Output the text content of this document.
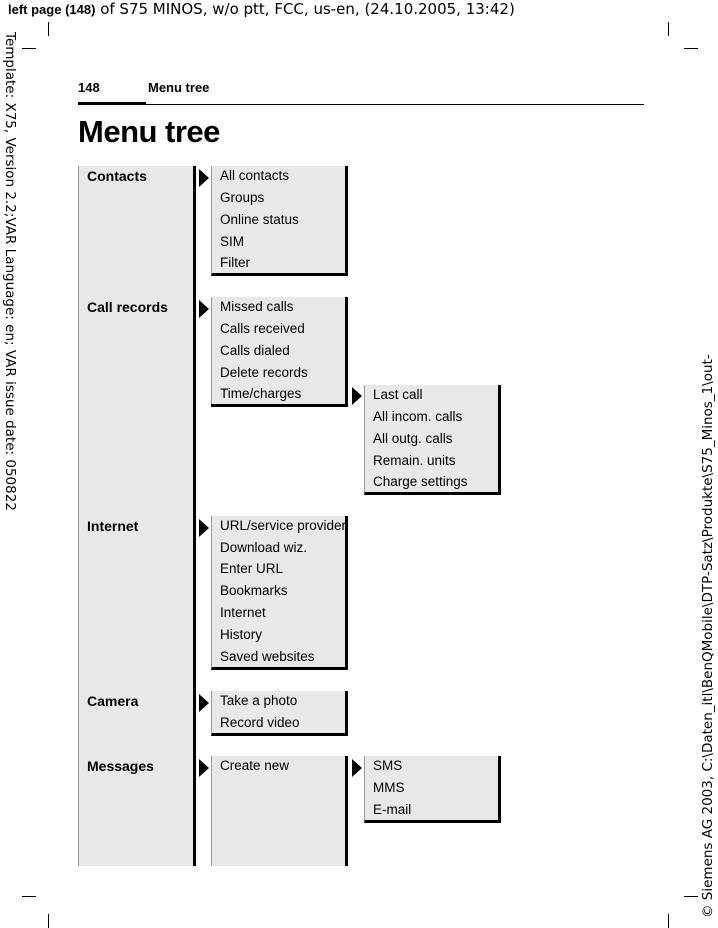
left page (148) of S75 MINOS, w/o ptt, FCC, us-en, (24.10.2005, 13:42)
Template: X75, Version 2.2;VAR Language: en; VAR issue date: 050822
© Siemens AG 2003, C:\Daten_itl\BenQMobile\DTP-Satz\Produkte\S75_Minos_1\out-
148	Menu tree
Menu tree
Contacts
Call records
Internet
Camera
Messages
All contacts
Groups
Online status
SIM
Filter
Missed calls
Calls received
Calls dialed
Delete records
Time/charges	Last call
All incom. calls
All outg. calls
Remain. units
Charge settings
URL/service provider
Download wiz.
Enter URL
Bookmarks
Internet
History
Saved websites
Take a photo
Record video
Create new	SMS
MMS
E-mail
